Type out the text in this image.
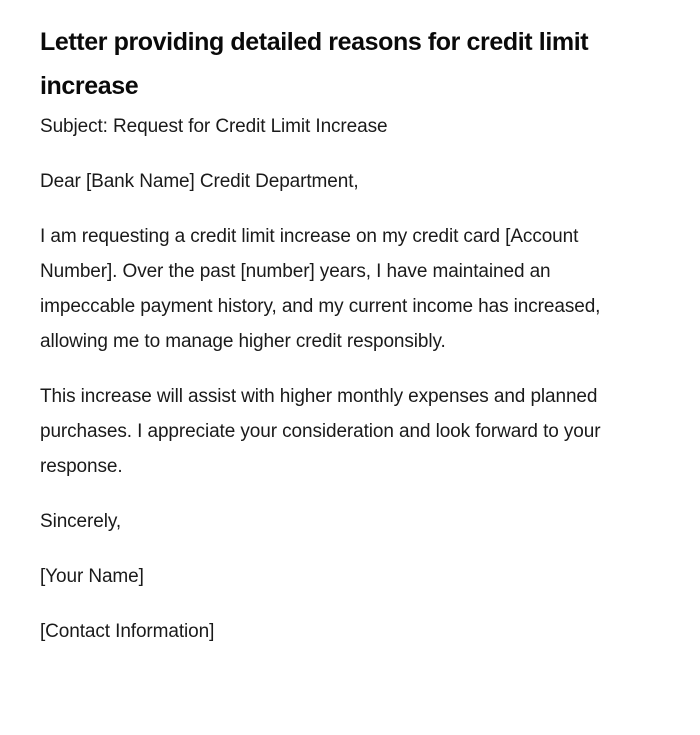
Letter providing detailed reasons for credit limit increase

Subject: Request for Credit Limit Increase

Dear [Bank Name] Credit Department,

I am requesting a credit limit increase on my credit card [Account Number]. Over the past [number] years, I have maintained an impeccable payment history, and my current income has increased, allowing me to manage higher credit responsibly.

This increase will assist with higher monthly expenses and planned purchases. I appreciate your consideration and look forward to your response.

Sincerely,

[Your Name]

[Contact Information]
